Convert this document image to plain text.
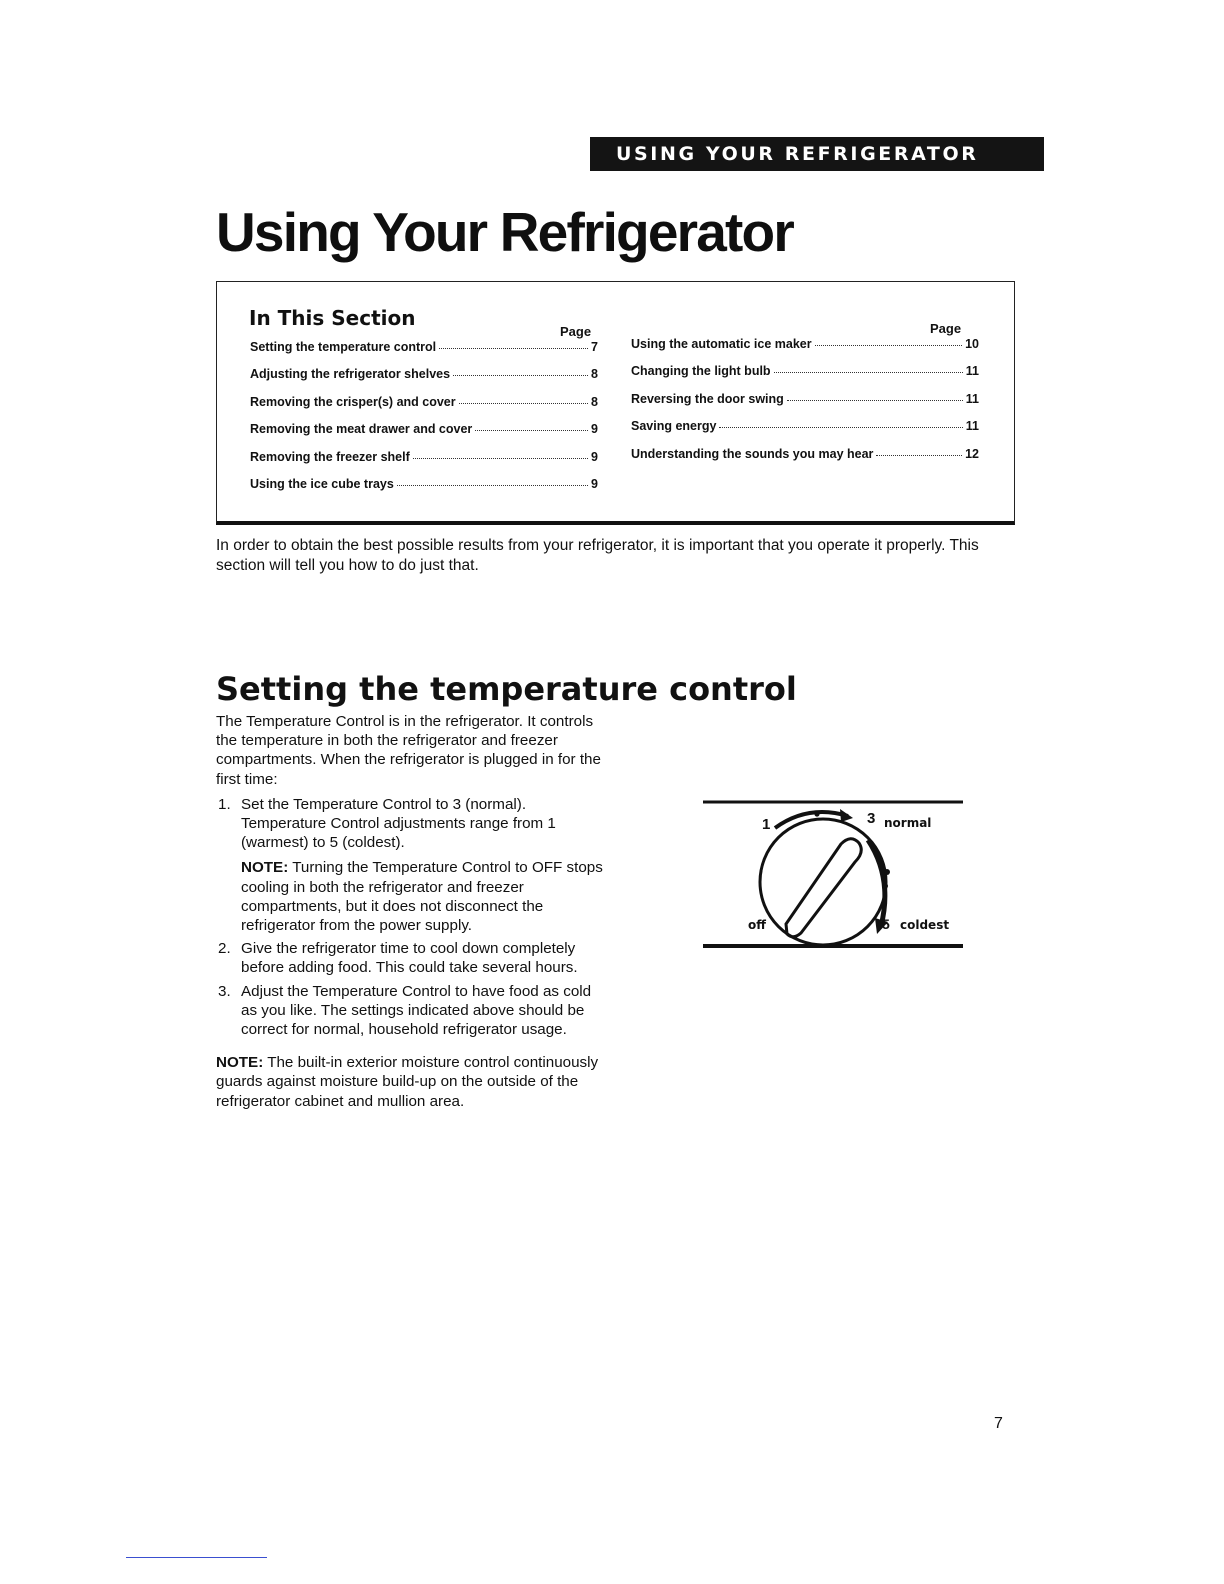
USING YOUR REFRIGERATOR
Using Your Refrigerator
In This Section
Page	Page
Setting the temperature control	7
Adjusting the refrigerator shelves	8
Removing the crisper(s) and cover	8
Removing the meat drawer and cover	9
Removing the freezer shelf	9
Using the ice cube trays	9
Using the automatic ice maker	10
Changing the light bulb	11
Reversing the door swing	11
Saving energy	11
Understanding the sounds you may hear	12

In order to obtain the best possible results from your refrigerator, it is important that you operate it properly. This section will tell you how to do just that.

Setting the temperature control

The Temperature Control is in the refrigerator. It controls the temperature in both the refrigerator and freezer compartments. When the refrigerator is plugged in for the first time:

1. Set the Temperature Control to 3 (normal). Temperature Control adjustments range from 1 (warmest) to 5 (coldest).
NOTE: Turning the Temperature Control to OFF stops cooling in both the refrigerator and freezer compartments, but it does not disconnect the refrigerator from the power supply.
2. Give the refrigerator time to cool down completely before adding food. This could take several hours.
3. Adjust the Temperature Control to have food as cold as you like. The settings indicated above should be correct for normal, household refrigerator usage.

NOTE: The built-in exterior moisture control continuously guards against moisture build-up on the outside of the refrigerator cabinet and mullion area.

1	3 normal
off	5 coldest
7
